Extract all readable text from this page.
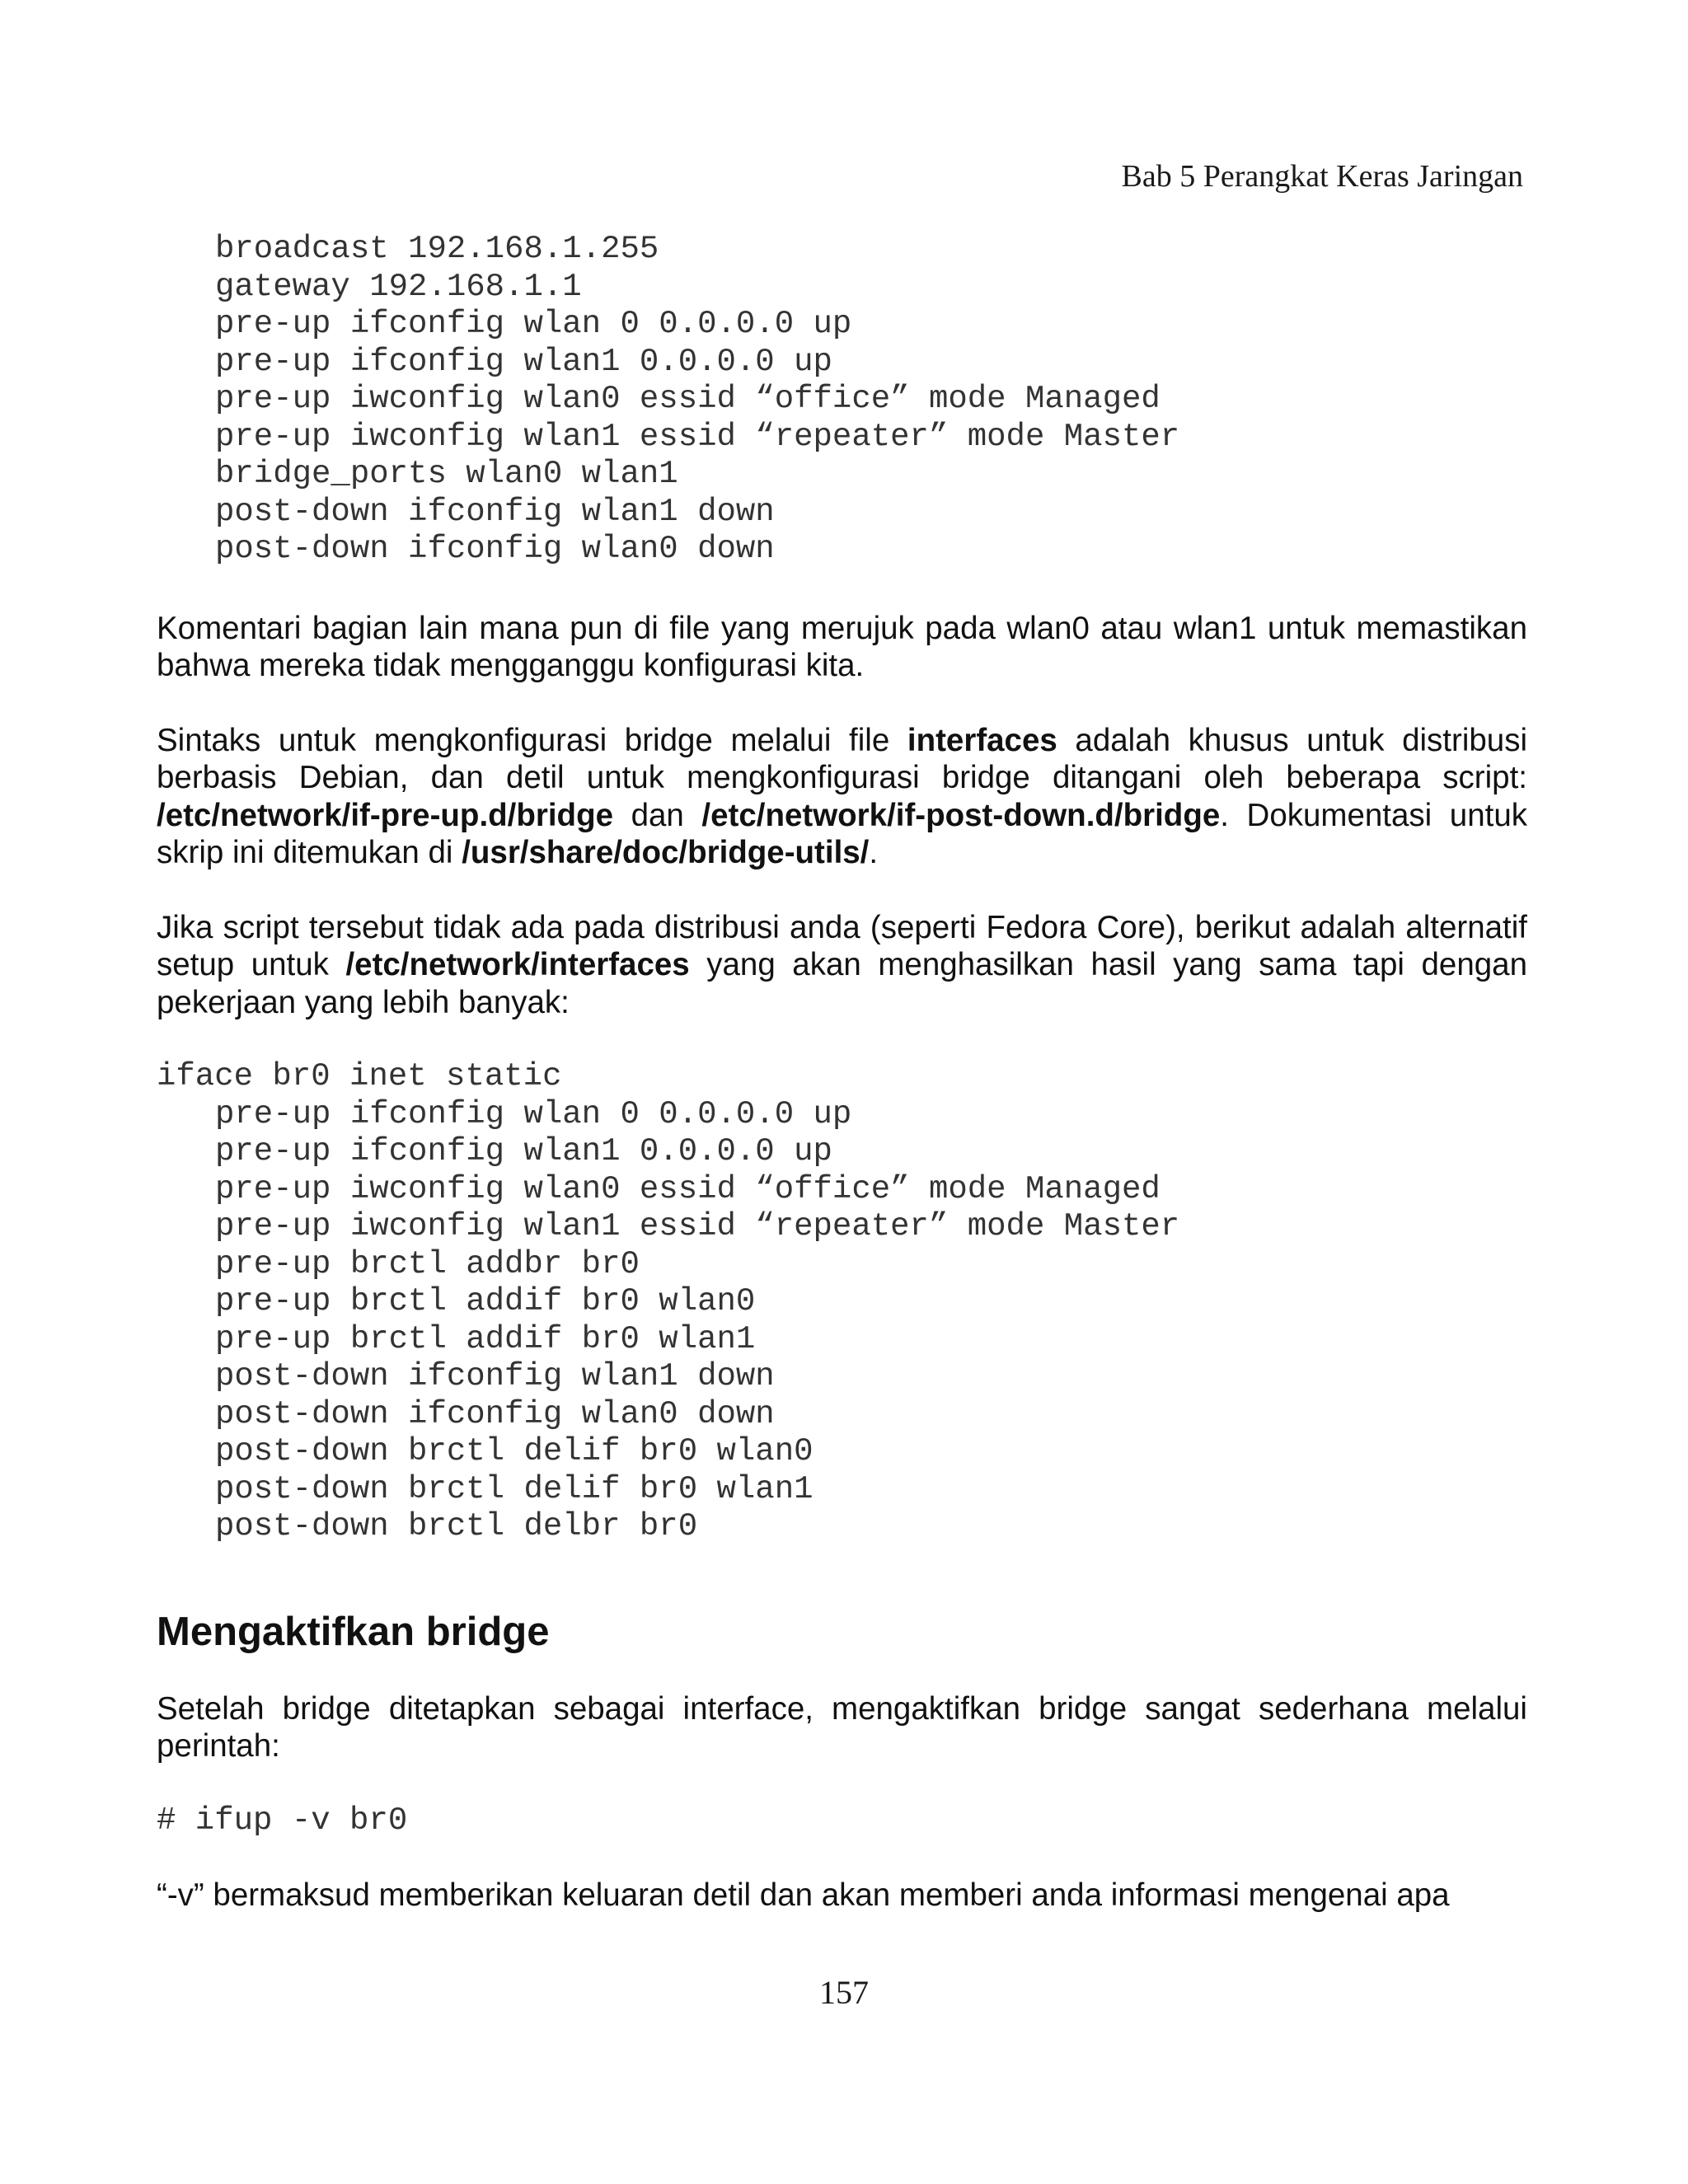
Bab 5 Perangkat Keras Jaringan
broadcast 192.168.1.255
gateway 192.168.1.1
pre-up ifconfig wlan 0 0.0.0.0 up
pre-up ifconfig wlan1 0.0.0.0 up
pre-up iwconfig wlan0 essid “office” mode Managed
pre-up iwconfig wlan1 essid “repeater” mode Master
bridge_ports wlan0 wlan1
post-down ifconfig wlan1 down
post-down ifconfig wlan0 down

Komentari bagian lain mana pun di file yang merujuk pada wlan0 atau wlan1 untuk memastikan bahwa mereka tidak mengganggu konfigurasi kita.

Sintaks untuk mengkonfigurasi bridge melalui file interfaces adalah khusus untuk distribusi berbasis Debian, dan detil untuk mengkonfigurasi bridge ditangani oleh beberapa script: /etc/network/if-pre-up.d/bridge dan /etc/network/if-post-down.d/bridge. Dokumentasi untuk skrip ini ditemukan di /usr/share/doc/bridge-utils/.

Jika script tersebut tidak ada pada distribusi anda (seperti Fedora Core), berikut adalah alternatif setup untuk /etc/network/interfaces yang akan menghasilkan hasil yang sama tapi dengan pekerjaan yang lebih banyak:

iface br0 inet static
pre-up ifconfig wlan 0 0.0.0.0 up
pre-up ifconfig wlan1 0.0.0.0 up
pre-up iwconfig wlan0 essid “office” mode Managed
pre-up iwconfig wlan1 essid “repeater” mode Master
pre-up brctl addbr br0
pre-up brctl addif br0 wlan0
pre-up brctl addif br0 wlan1
post-down ifconfig wlan1 down
post-down ifconfig wlan0 down
post-down brctl delif br0 wlan0
post-down brctl delif br0 wlan1
post-down brctl delbr br0
Mengaktifkan bridge

Setelah bridge ditetapkan sebagai interface, mengaktifkan bridge sangat sederhana melalui perintah:

# ifup -v br0

“-v” bermaksud memberikan keluaran detil dan akan memberi anda informasi mengenai apa

157
